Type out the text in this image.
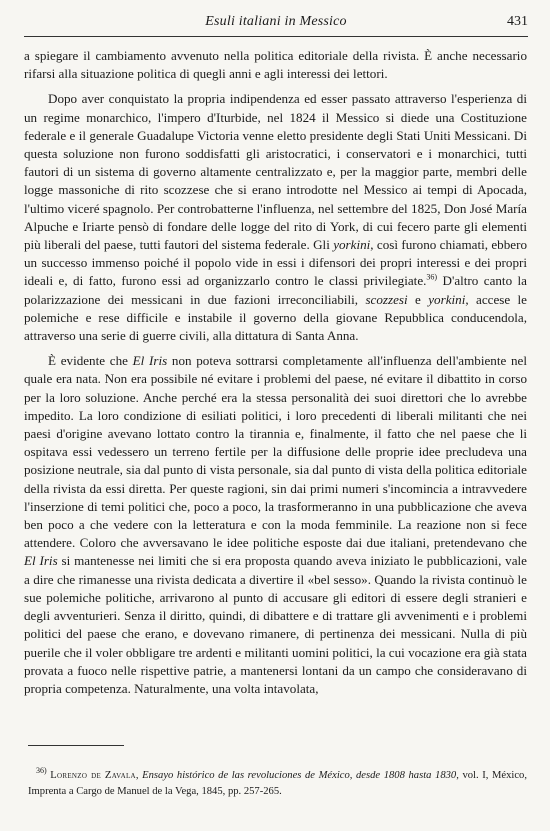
Esuli italiani in Messico	431

a spiegare il cambiamento avvenuto nella politica editoriale della rivista. È anche necessario rifarsi alla situazione politica di quegli anni e agli interessi dei lettori.

Dopo aver conquistato la propria indipendenza ed esser passato attraverso l'esperienza di un regime monarchico, l'impero d'Iturbide, nel 1824 il Messico si diede una Costituzione federale e il generale Guadalupe Victoria venne eletto presidente degli Stati Uniti Messicani. Di questa soluzione non furono soddisfatti gli aristocratici, i conservatori e i monarchici, tutti fautori di un sistema di governo altamente centralizzato e, per la maggior parte, membri delle logge massoniche di rito scozzese che si erano introdotte nel Messico ai tempi di Apocada, l'ultimo viceré spagnolo. Per controbatterne l'influenza, nel settembre del 1825, Don José María Alpuche e Iriarte pensò di fondare delle logge del rito di York, di cui fecero parte gli elementi più liberali del paese, tutti fautori del sistema federale. Gli yorkini, così furono chiamati, ebbero un successo immenso poiché il popolo vide in essi i difensori dei propri interessi e dei propri ideali e, di fatto, furono essi ad organizzarlo contro le classi privilegiate.$^{36)}$ D'altro canto la polarizzazione dei messicani in due fazioni irreconciliabili, scozzesi e yorkini, accese le polemiche e rese difficile e instabile il governo della giovane Repubblica conducendola, attraverso una serie di guerre civili, alla dittatura di Santa Anna.

È evidente che El Iris non poteva sottrarsi completamente all'influenza dell'ambiente nel quale era nata. Non era possibile né evitare i problemi del paese, né evitare il dibattito in corso per la loro soluzione. Anche perché era la stessa personalità dei suoi direttori che lo avrebbe impedito. La loro condizione di esiliati politici, i loro precedenti di liberali militanti che nei paesi d'origine avevano lottato contro la tirannia e, finalmente, il fatto che nel paese che li ospitava essi vedessero un terreno fertile per la diffusione delle proprie idee precludeva una posizione neutrale, sia dal punto di vista personale, sia dal punto di vista della politica editoriale della rivista da essi diretta. Per queste ragioni, sin dai primi numeri s'incomincia a intravvedere l'inserzione di temi politici che, poco a poco, la trasformeranno in una pubblicazione che aveva ben poco a che vedere con la letteratura e con la moda femminile. La reazione non si fece attendere. Coloro che avversavano le idee politiche esposte dai due italiani, pretendevano che El Iris si mantenesse nei limiti che si era proposta quando aveva iniziato le pubblicazioni, vale a dire che rimanesse una rivista dedicata a divertire il «bel sesso». Quando la rivista continuò le sue polemiche politiche, arrivarono al punto di accusare gli editori di essere degli stranieri e degli avventurieri. Senza il diritto, quindi, di dibattere e di trattare gli avvenimenti e i problemi politici del paese che erano, e dovevano rimanere, di pertinenza dei messicani. Nulla di più puerile che il voler obbligare tre ardenti e militanti uomini politici, la cui vocazione era già stata provata a fuoco nelle rispettive patrie, a mantenersi lontani da un campo che consideravano di propria competenza. Naturalmente, una volta intavolata,

$^{36)}$ Lorenzo de Zavala, Ensayo histórico de las revoluciones de México, desde 1808 hasta 1830, vol. I, México, Imprenta a Cargo de Manuel de la Vega, 1845, pp. 257-265.
